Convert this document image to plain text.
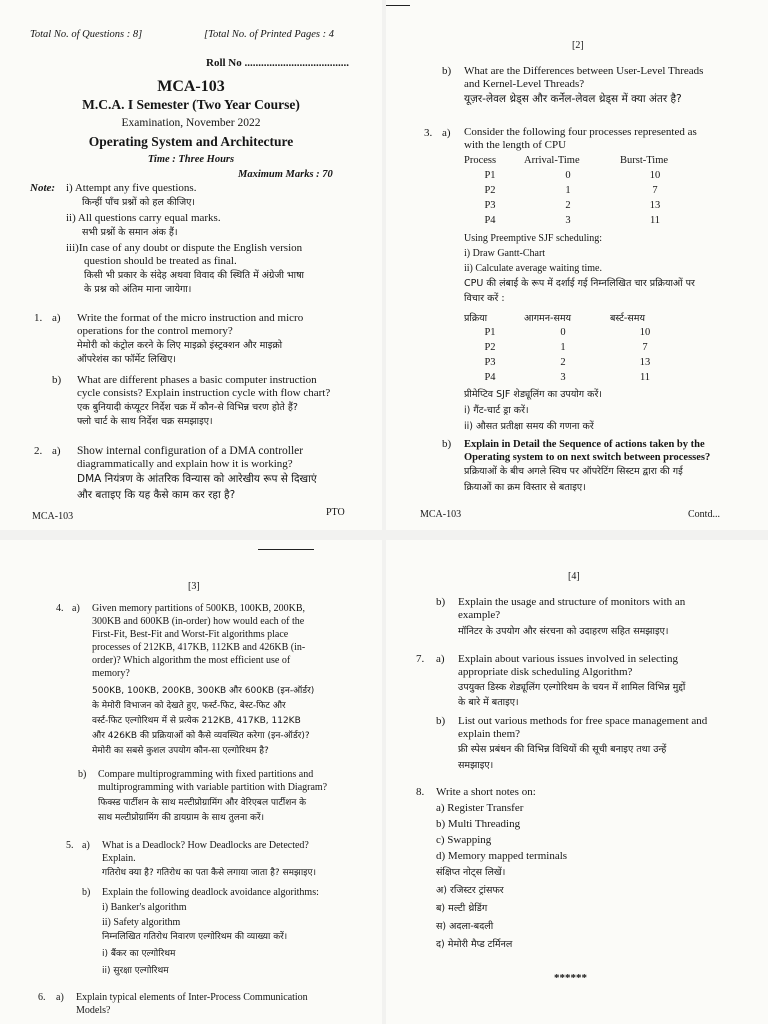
Total No. of Questions : 8]	[Total No. of Printed Pages : 4
Roll No ......................................
MCA-103
M.C.A. I Semester (Two Year Course)
Examination, November 2022
Operating System and Architecture
Time : Three Hours
Maximum Marks : 70
Note: i) Attempt any five questions.
किन्हीं पाँच प्रश्नों को हल कीजिए।
ii) All questions carry equal marks.
सभी प्रश्नों के समान अंक हैं।
iii)In case of any doubt or dispute the English version
question should be treated as final.
किसी भी प्रकार के संदेह अथवा विवाद की स्थिति में अंग्रेजी भाषा
के प्रश्न को अंतिम माना जायेगा।
1. a) Write the format of the micro instruction and micro
operations for the control memory?
मेमोरी को कंट्रोल करने के लिए माइक्रो इंस्ट्रक्शन और माइक्रो
ऑपरेशंस का फॉर्मेट लिखिए।
b) What are different phases a basic computer instruction
cycle consists? Explain instruction cycle with flow chart?
एक बुनियादी कंप्यूटर निर्देश चक्र में कौन-से विभिन्न चरण होते हैं?
फ्लो चार्ट के साथ निर्देश चक्र समझाइए।
2. a) Show internal configuration of a DMA controller
diagrammatically and explain how it is working?
DMA नियंत्रण के आंतरिक विन्यास को आरेखीय रूप से दिखाएं
और बताइए कि यह कैसे काम कर रहा है?
MCA-103	PTO
[2]
b) What are the Differences between User-Level Threads
and Kernel-Level Threads?
यूज़र-लेवल थ्रेड्स और कर्नेल-लेवल थ्रेड्स में क्या अंतर है?
3. a) Consider the following four processes represented as
with the length of CPU
Process	Arrival-Time	Burst-Time
P1	0	10
P2	1	7
P3	2	13
P4	3	11
Using Preemptive SJF scheduling:
i) Draw Gantt-Chart
ii) Calculate average waiting time.
CPU की लंबाई के रूप में दर्शाई गई निम्नलिखित चार प्रक्रियाओं पर
विचार करें :
प्रक्रिया	आगमन-समय	बर्स्ट-समय
P1	0	10
P2	1	7
P3	2	13
P4	3	11
प्रीमेप्टिव SJF शेड्यूलिंग का उपयोग करें।
i) गैंट-चार्ट ड्रा करें।
ii) औसत प्रतीक्षा समय की गणना करें
b) Explain in Detail the Sequence of actions taken by the
Operating system to on next switch between processes?
प्रक्रियाओं के बीच अगले स्विच पर ऑपरेटिंग सिस्टम द्वारा की गई
क्रियाओं का क्रम विस्तार से बताइए।
MCA-103	Contd...
[3]
4. a) Given memory partitions of 500KB, 100KB, 200KB,
300KB and 600KB (in-order) how would each of the
First-Fit, Best-Fit and Worst-Fit algorithms place
processes of 212KB, 417KB, 112KB and 426KB (in-
order)? Which algorithm the most efficient use of
memory?
500KB, 100KB, 200KB, 300KB और 600KB (इन-ऑर्डर)
के मेमोरी विभाजन को देखते हुए, फर्स्ट-फिट, बेस्ट-फिट और
वर्स्ट-फिट एल्गोरिथम में से प्रत्येक 212KB, 417KB, 112KB
और 426KB की प्रक्रियाओं को कैसे व्यवस्थित करेगा (इन-ऑर्डर)?
मेमोरी का सबसे कुशल उपयोग कौन-सा एल्गोरिथम है?
b) Compare multiprogramming with fixed partitions and
multiprogramming with variable partition with Diagram?
फिक्स्ड पार्टीशन के साथ मल्टीप्रोग्रामिंग और वेरिएबल पार्टीशन के
साथ मल्टीप्रोग्रामिंग की डायग्राम के साथ तुलना करें।
5. a) What is a Deadlock? How Deadlocks are Detected?
Explain.
गतिरोध क्या है? गतिरोध का पता कैसे लगाया जाता है? समझाइए।
b) Explain the following deadlock avoidance algorithms:
i) Banker's algorithm
ii) Safety algorithm
निम्नलिखित गतिरोध निवारण एल्गोरिथम की व्याख्या करें।
i) बैंकर का एल्गोरिथम
ii) सुरक्षा एल्गोरिथम
6. a) Explain typical elements of Inter-Process Communication
Models?
[4]
b) Explain the usage and structure of monitors with an
example?
मॉनिटर के उपयोग और संरचना को उदाहरण सहित समझाइए।
7. a) Explain about various issues involved in selecting
appropriate disk scheduling Algorithm?
उपयुक्त डिस्क शेड्यूलिंग एल्गोरिथम के चयन में शामिल विभिन्न मुद्दों
के बारे में बताइए।
b) List out various methods for free space management and
explain them?
फ्री स्पेस प्रबंधन की विभिन्न विधियों की सूची बनाइए तथा उन्हें
समझाइए।
8. Write a short notes on:
a) Register Transfer
b) Multi Threading
c) Swapping
d) Memory mapped terminals
संक्षिप्त नोट्स लिखें।
अ) रजिस्टर ट्रांसफर
ब) मल्टी थ्रेडिंग
स) अदला-बदली
द) मेमोरी मैप्ड टर्मिनल
******
